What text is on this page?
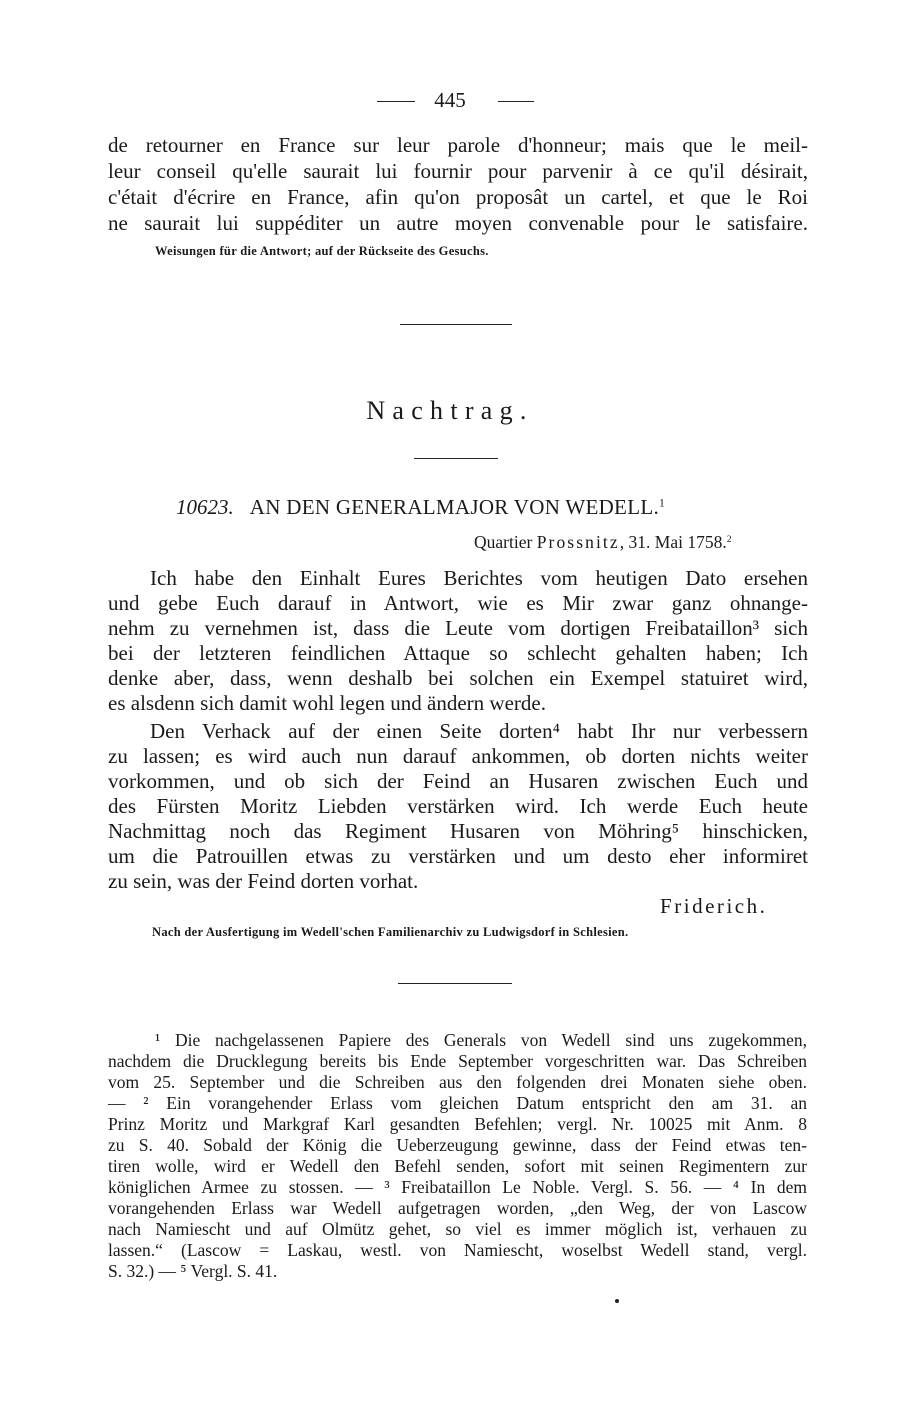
445
de retourner en France sur leur parole d'honneur; mais que le meil-
leur conseil qu'elle saurait lui fournir pour parvenir à ce qu'il désirait,
c'était d'écrire en France, afin qu'on proposât un cartel, et que le Roi
ne saurait lui suppéditer un autre moyen convenable pour le satisfaire.
Weisungen für die Antwort; auf der Rückseite des Gesuchs.
Nachtrag.
10623. AN DEN GENERALMAJOR VON WEDELL.$^1$
Quartier Prossnitz, 31. Mai 1758.$^2$
Ich habe den Einhalt Eures Berichtes vom heutigen Dato ersehen
und gebe Euch darauf in Antwort, wie es Mir zwar ganz ohnange-
nehm zu vernehmen ist, dass die Leute vom dortigen Freibataillon³ sich
bei der letzteren feindlichen Attaque so schlecht gehalten haben; Ich
denke aber, dass, wenn deshalb bei solchen ein Exempel statuiret wird,
es alsdenn sich damit wohl legen und ändern werde.
Den Verhack auf der einen Seite dorten⁴ habt Ihr nur verbessern
zu lassen; es wird auch nun darauf ankommen, ob dorten nichts weiter
vorkommen, und ob sich der Feind an Husaren zwischen Euch und
des Fürsten Moritz Liebden verstärken wird. Ich werde Euch heute
Nachmittag noch das Regiment Husaren von Möhring⁵ hinschicken,
um die Patrouillen etwas zu verstärken und um desto eher informiret
zu sein, was der Feind dorten vorhat.
Friderich.
Nach der Ausfertigung im Wedell'schen Familienarchiv zu Ludwigsdorf in Schlesien.
¹ Die nachgelassenen Papiere des Generals von Wedell sind uns zugekommen,
nachdem die Drucklegung bereits bis Ende September vorgeschritten war. Das Schreiben
vom 25. September und die Schreiben aus den folgenden drei Monaten siehe oben.
— ² Ein vorangehender Erlass vom gleichen Datum entspricht den am 31. an
Prinz Moritz und Markgraf Karl gesandten Befehlen; vergl. Nr. 10025 mit Anm. 8
zu S. 40. Sobald der König die Ueberzeugung gewinne, dass der Feind etwas ten-
tiren wolle, wird er Wedell den Befehl senden, sofort mit seinen Regimentern zur
königlichen Armee zu stossen. — ³ Freibataillon Le Noble. Vergl. S. 56. — ⁴ In dem
vorangehenden Erlass war Wedell aufgetragen worden, „den Weg, der von Lascow
nach Namiescht und auf Olmütz gehet, so viel es immer möglich ist, verhauen zu
lassen.“ (Lascow = Laskau, westl. von Namiescht, woselbst Wedell stand, vergl.
S. 32.) — ⁵ Vergl. S. 41.
